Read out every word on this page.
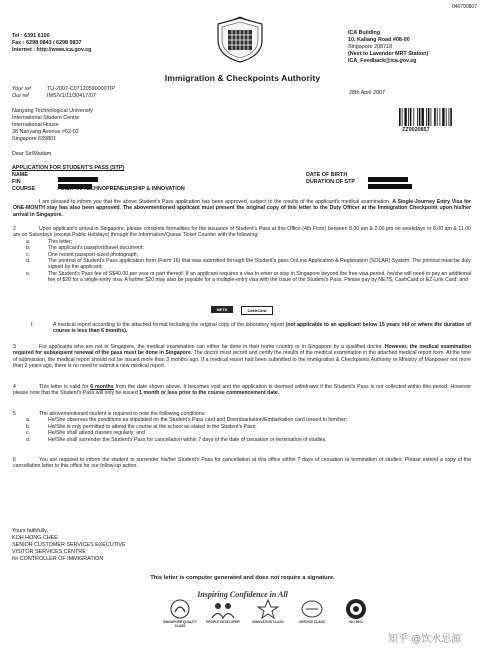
040700807
Tel : 6391 6100
Fax : 6298 0843 / 6298 0837
Internet : http://www.ica.gov.sg
ICA Building
10, Kallang Road #08-00
Singapore 208718
(Next to Lavender MRT Station)
ICA_Feedback@ica.gov.sg
Immigration & Checkpoints Authority
Your ref	TU-2007-C07120590000TIP
Our ref	IMS/V1/11/30417/07	28th April 2007
Nanyang Technological University
International Student Centre
International House
38 Nanyang Avenue #02-02
Singapore 639801
ZZ0020857
Dear Sir/Madam
APPLICATION FOR STUDENT'S PASS (STP)
NAME
FIN
COURSE	: G.DIP IN TECHNOPRENEURSHIP & INNOVATION
DATE OF BIRTH
DURATION OF STP
I am pleased to inform you that the above Student's Pass application has been approved, subject to the results of the applicant's medical examination. A Single-Journey Entry Visa for ONE-MONTH stay has also been approved. The abovementioned applicant must present the original copy of this letter to the Duty Officer at the Immigration Checkpoint upon his/her arrival in Singapore.
2	Upon applicant's arrival in Singapore, please complete formalities for the issuance of Student's Pass at this Office (4th Floor) between 8.00 am & 2.00 pm on weekdays or 8.00 am & 11.00 am on Saturdays (except Public Holidays) through the Information/Queue Ticket Counter with the following:
a.	This letter;
b.	The applicant's passport/travel document;
c.	One recent passport-sized photograph;
d.	The printout of Student's Pass application form (Form 16) that was submitted through the Student's pass OnLine Application & Registration (SOLAR) System. The printout must be duly signed by the applicant;
e.	The Student's Pass fee of S$40.00 per year or part thereof. If an applicant requires a visa to enter or stay in Singapore beyond the free-visa period, he/she will need to pay an additional fee of $20 for a single-entry visa. A further $20 may also be payable for a multiple-entry visa with the issue of the Student's Pass. Please pay by NETS, CashCard or EZ-Link Card; and
NETS	CashCard
f.	A medical report according to the attached format including the original copy of the laboratory report (not applicable to an applicant below 15 years old or where the duration of course is less than 6 months).
3	For applicants who are not in Singapore, the medical examination can either be done in their home country or in Singapore by a qualified doctor. However, the medical examination required for subsequent renewal of the pass must be done in Singapore. The doctor must record and certify the results of the medical examination in the attached medical report form. At the time of submission, the medical report should not be issued more than 3 months ago. If a medical report had been submitted to the Immigration & Checkpoints Authority or Ministry of Manpower not more than 2 years ago, there is no need to submit a new medical report.
4	This letter is valid for 6 months from the date shown above. It becomes void and the application is deemed withdrawn if the Student's Pass is not collected within this period. However please note that the Student's Pass will only be issued 1 month or less prior to the course commencement date.
5	The abovementioned student is required to note the following conditions:
a.	He/She observes the conditions as stipulated on the Student's Pass card and Disembarkation/Embarkation card issued to him/her;
b.	He/She is only permitted to attend the course at the school as stated in the Student's Pass;
c.	He/She shall attend classes regularly; and
d.	He/She shall surrender the Student's Pass for cancellation within 7 days of the date of cessation or termination of studies.
6	You are required to inform the student to surrender his/her Student's Pass for cancellation at this office within 7 days of cessation or termination of studies. Please extend a copy of the cancellation letter to this office for our follow-up action.
Yours faithfully,
KOH HONG CHEE
SENIOR CUSTOMER SERVICES EXECUTIVE
VISITOR SERVICES CENTRE
for CONTROLLER OF IMMIGRATION
This letter is computer generated and does not require a signature.
Inspiring Confidence in All
SINGAPORE QUALITY CLASS
PEOPLE DEVELOPER	INNOVATION CLASS	SERVICE CLASS	ISO 9001
知乎 @饮水思源
